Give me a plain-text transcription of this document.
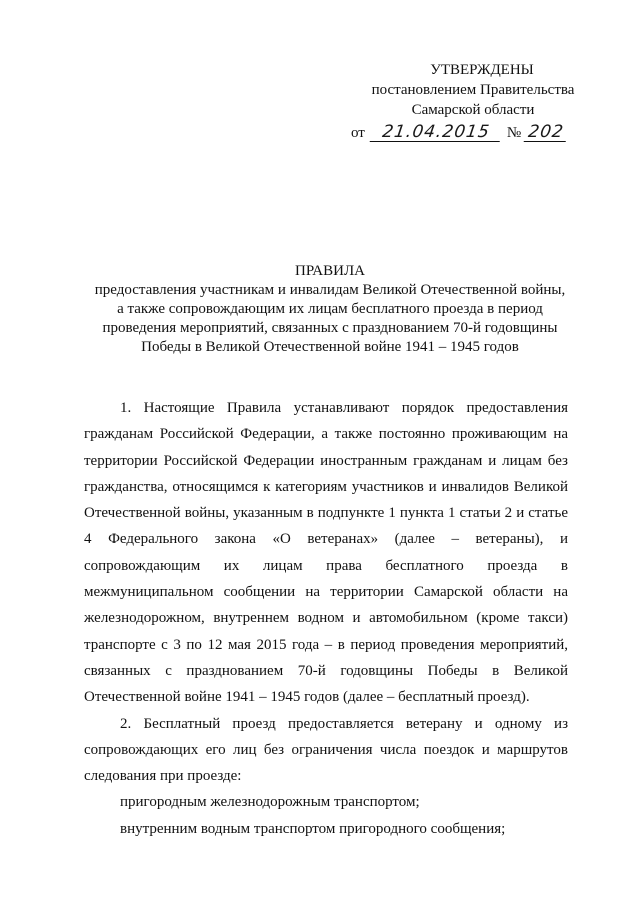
УТВЕРЖДЕНЫ
постановлением Правительства
Самарской области
от 21.04.2015 № 202
ПРАВИЛА
предоставления участникам и инвалидам Великой Отечественной войны,
а также сопровождающим их лицам бесплатного проезда в период
проведения мероприятий, связанных с празднованием 70-й годовщины
Победы в Великой Отечественной войне 1941 – 1945 годов

1. Настоящие Правила устанавливают порядок предоставления гражданам Российской Федерации, а также постоянно проживающим на территории Российской Федерации иностранным гражданам и лицам без гражданства, относящимся к категориям участников и инвалидов Великой Отечественной войны, указанным в подпункте 1 пункта 1 статьи 2 и статье 4 Федерального закона «О ветеранах» (далее – ветераны), и сопровождающим их лицам права бесплатного проезда в межмуниципальном сообщении на территории Самарской области на железнодорожном, внутреннем водном и автомобильном (кроме такси) транспорте с 3 по 12 мая 2015 года – в период проведения мероприятий, связанных с празднованием 70-й годовщины Победы в Великой Отечественной войне 1941 – 1945 годов (далее – бесплатный проезд).

2. Бесплатный проезд предоставляется ветерану и одному из сопровождающих его лиц без ограничения числа поездок и маршрутов следования при проезде:

пригородным железнодорожным транспортом;

внутренним водным транспортом пригородного сообщения;
